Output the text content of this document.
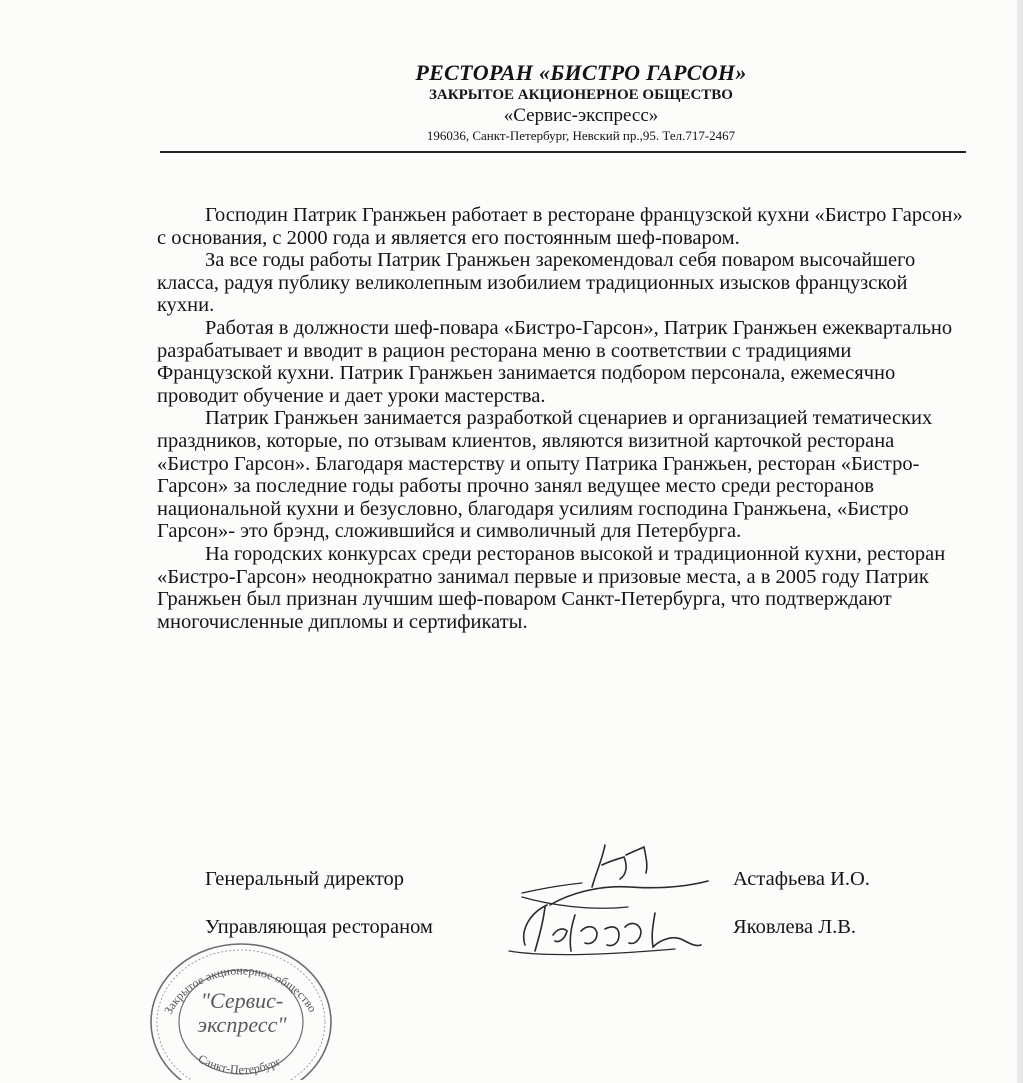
РЕСТОРАН «БИСТРО ГАРСОН»
ЗАКРЫТОЕ АКЦИОНЕРНОЕ ОБЩЕСТВО
«Сервис-экспресс»
196036, Санкт-Петербург, Невский пр.,95. Тел.717-2467

Господин Патрик Гранжьен работает в ресторане французской кухни «Бистро Гарсон» с основания, с 2000 года и является его постоянным шеф-поваром.

За все годы работы Патрик Гранжьен зарекомендовал себя поваром высочайшего класса, радуя публику великолепным изобилием традиционных изысков французской кухни.

Работая в должности шеф-повара «Бистро-Гарсон», Патрик Гранжьен ежеквартально разрабатывает и вводит в рацион ресторана меню в соответствии с традициями Французской кухни. Патрик Гранжьен занимается подбором персонала, ежемесячно проводит обучение и дает уроки мастерства.

Патрик Гранжьен занимается разработкой сценариев и организацией тематических праздников, которые, по отзывам клиентов, являются визитной карточкой ресторана «Бистро Гарсон». Благодаря мастерству и опыту Патрика Гранжьен, ресторан «Бистро-Гарсон» за последние годы работы прочно занял ведущее место среди ресторанов национальной кухни и безусловно, благодаря усилиям господина Гранжьена, «Бистро Гарсон»- это брэнд, сложившийся и символичный для Петербурга.

На городских конкурсах среди ресторанов высокой и традиционной кухни, ресторан «Бистро-Гарсон» неоднократно занимал первые и призовые места, а в 2005 году Патрик Гранжьен был признан лучшим шеф-поваром Санкт-Петербурга, что подтверждают многочисленные дипломы и сертификаты.

Генеральный директор	Астафьева И.О.
Управляющая рестораном	Яковлева Л.В.
Закрытое акционерное общество
Санкт-Петербург
"Сервис-
экспресс"
